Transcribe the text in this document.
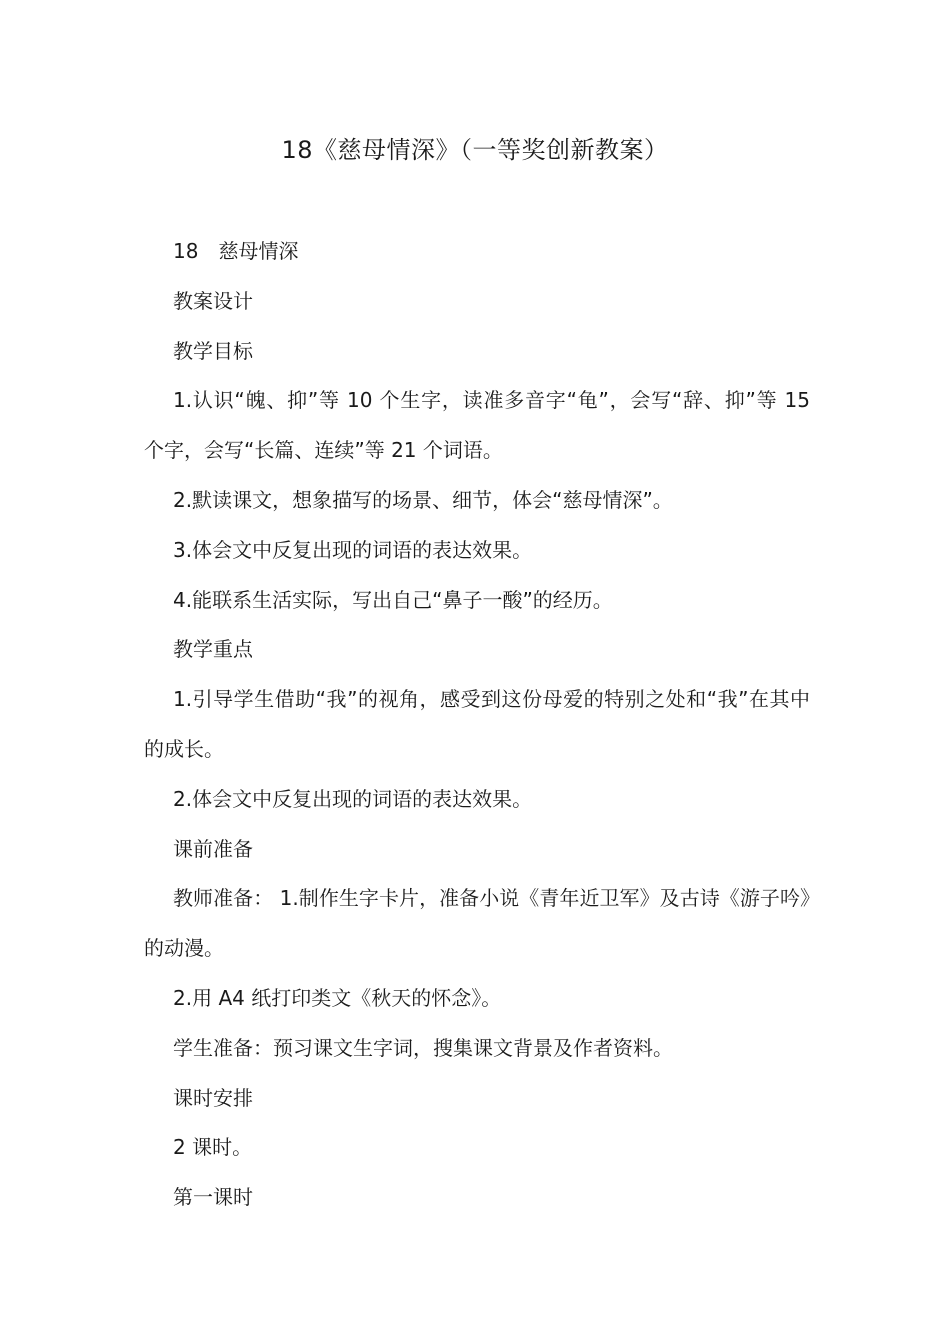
18《慈母情深》（一等奖创新教案）

18　慈母情深

教案设计

教学目标

1.认识“魄、抑”等 10 个生字，读准多音字“龟”，会写“辞、抑”等 15 个字，会写“长篇、连续”等 21 个词语。

2.默读课文，想象描写的场景、细节，体会“慈母情深”。

3.体会文中反复出现的词语的表达效果。

4.能联系生活实际，写出自己“鼻子一酸”的经历。

教学重点

1.引导学生借助“我”的视角，感受到这份母爱的特别之处和“我”在其中的成长。

2.体会文中反复出现的词语的表达效果。

课前准备

教师准备： 1.制作生字卡片，准备小说《青年近卫军》及古诗《游子吟》的动漫。

2.用 A4 纸打印类文《秋天的怀念》。

学生准备：预习课文生字词，搜集课文背景及作者资料。

课时安排

2 课时。

第一课时
